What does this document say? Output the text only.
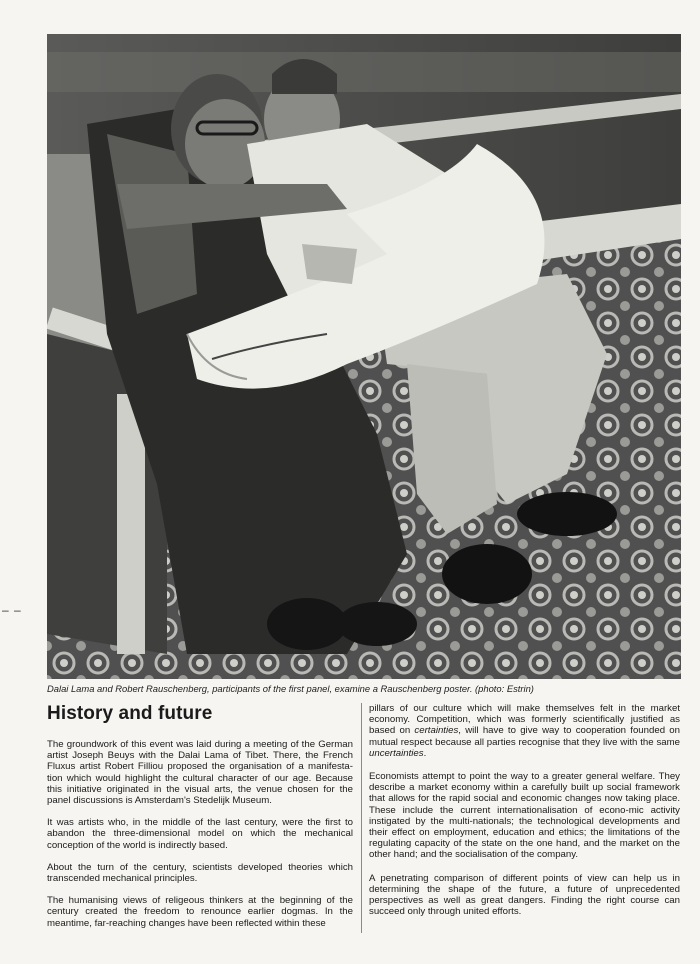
Dalai Lama and Robert Rauschenberg, participants of the first panel, examine a Rauschenberg poster. (photo: Estrin)
– –
History and future

The groundwork of this event was laid during a meeting of the German artist Joseph Beuys with the Dalai Lama of Tibet. There, the French Fluxus artist Robert Filliou proposed the organisation of a manifesta-tion which would highlight the cultural character of our age. Because this initiative originated in the visual arts, the venue chosen for the panel discussions is Amsterdam's Stedelijk Museum.

It was artists who, in the middle of the last century, were the first to abandon the three-dimensional model on which the mechanical conception of the world is indirectly based.

About the turn of the century, scientists developed theories which transcended mechanical principles.

The humanising views of religeous thinkers at the beginning of the century created the freedom to renounce earlier dogmas. In the meantime, far-reaching changes have been reflected within these

pillars of our culture which will make themselves felt in the market economy. Competition, which was formerly scientifically justified as based on certainties, will have to give way to cooperation founded on mutual respect because all parties recognise that they live with the same uncertainties.

Economists attempt to point the way to a greater general welfare. They describe a market economy within a carefully built up social framework that allows for the rapid social and economic changes now taking place. These include the current internationalisation of econo-mic activity instigated by the multi-nationals; the technological developments and their effect on employment, education and ethics; the limitations of the regulating capacity of the state on the one hand, and the market on the other hand; and the socialisation of the company.

A penetrating comparison of different points of view can help us in determining the shape of the future, a future of unprecedented perspectives as well as great dangers. Finding the right course can succeed only through united efforts.
